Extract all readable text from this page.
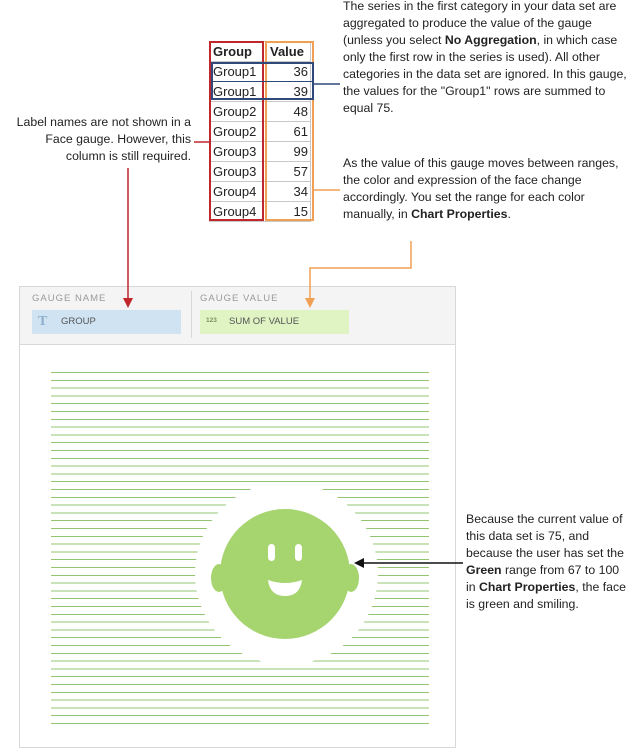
Group	Value
Group1	36
Group1	39
Group2	48
Group2	61
Group3	99
Group3	57
Group4	34
Group4	15
The series in the first category in your data set are aggregated to produce the value of the gauge (unless you select No Aggregation, in which case only the first row in the series is used). All other categories in the data set are ignored. In this gauge, the values for the "Group1" rows are summed to equal 75.
Label names are not shown in a Face gauge. However, this column is still required.	As the value of this gauge moves between ranges, the color and expression of the face change accordingly. You set the range for each color manually, in Chart Properties.
Because the current value of this data set is 75, and because the user has set the Green range from 67 to 100 in Chart Properties, the face is green and smiling.
GAUGE NAME
T GROUP
GAUGE VALUE
123 SUM OF VALUE
